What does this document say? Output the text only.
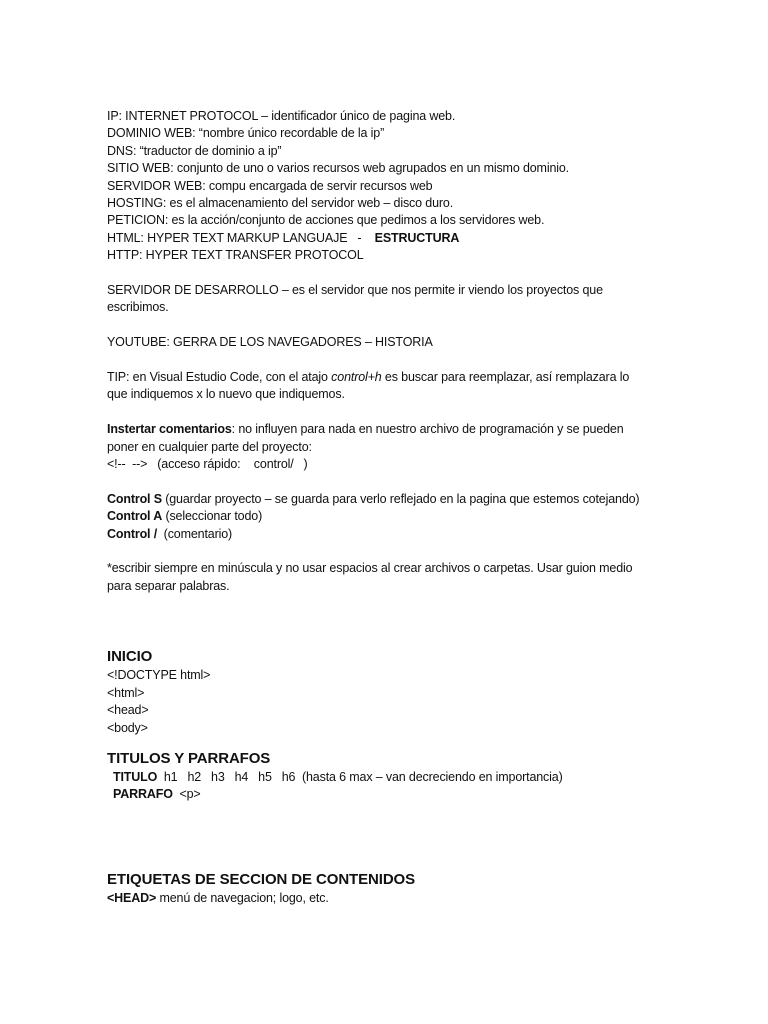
IP: INTERNET PROTOCOL – identificador único de pagina web.
DOMINIO WEB: “nombre único recordable de la ip”
DNS: “traductor de dominio a ip”
SITIO WEB: conjunto de uno o varios recursos web agrupados en un mismo dominio.
SERVIDOR WEB: compu encargada de servir recursos web
HOSTING: es el almacenamiento del servidor web – disco duro.
PETICION: es la acción/conjunto de acciones que pedimos a los servidores web.
HTML: HYPER TEXT MARKUP LANGUAJE   -    ESTRUCTURA
HTTP: HYPER TEXT TRANSFER PROTOCOL
SERVIDOR DE DESARROLLO – es el servidor que nos permite ir viendo los proyectos que escribimos.
YOUTUBE: GERRA DE LOS NAVEGADORES – HISTORIA
TIP: en Visual Estudio Code, con el atajo control+h es buscar para reemplazar, así remplazara lo que indiquemos x lo nuevo que indiquemos.
Instertar comentarios: no influyen para nada en nuestro archivo de programación y se pueden poner en cualquier parte del proyecto:
<!--  -->   (acceso rápido:    control/   )
Control S (guardar proyecto – se guarda para verlo reflejado en la pagina que estemos cotejando)
Control A (seleccionar todo)
Control /  (comentario)
*escribir siempre en minúscula y no usar espacios al crear archivos o carpetas. Usar guion medio para separar palabras.
INICIO
<!DOCTYPE html>
<html>
<head>
<body>
TITULOS Y PARRAFOS
TITULO  h1   h2   h3   h4   h5   h6  (hasta 6 max – van decreciendo en importancia)
PARRAFO  <p>
ETIQUETAS DE SECCION DE CONTENIDOS
<HEAD> menú de navegacion; logo, etc.
